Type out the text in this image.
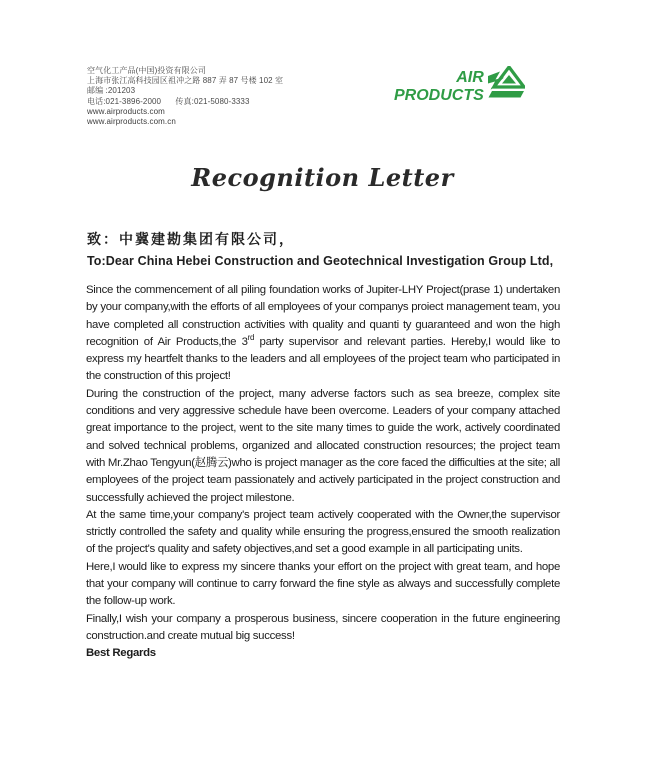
空气化工产品(中国)投资有限公司
上海市张江高科技园区祖冲之路 887 弄 87 号楼 102 室
邮编 :201203
电话:021-3896-2000 传真:021-5080-3333
www.airproducts.com
www.airproducts.com.cn
AIR
PRODUCTS
Recognition Letter
致：中冀建勘集团有限公司，
To:Dear China Hebei Construction and Geotechnical Investigation Group Ltd,

Since the commencement of all piling foundation works of Jupiter-LHY Project(prase 1) undertaken by your company,with the efforts of all employees of your companys proiect management team, you have completed all construction activities with quality and quanti ty guaranteed and won the high recognition of Air Products,the 3rd party supervisor and relevant parties. Hereby,I would like to express my heartfelt thanks to the leaders and all employees of the project team who participated in the construction of this project!

During the construction of the project, many adverse factors such as sea breeze, complex site conditions and very aggressive schedule have been overcome. Leaders of your company attached great importance to the project, went to the site many times to guide the work, actively coordinated and solved technical problems, organized and allocated construction resources; the project team with Mr.Zhao Tengyun(赵腾云)who is project manager as the core faced the difficulties at the site; all employees of the project team passionately and actively participated in the project construction and successfully achieved the project milestone.

At the same time,your company's project team actively cooperated with the Owner,the supervisor strictly controlled the safety and quality while ensuring the progress,ensured the smooth realization of the project's quality and safety objectives,and set a good example in all participating units.

Here,I would like to express my sincere thanks your effort on the project with great team, and hope that your company will continue to carry forward the fine style as always and successfully complete the follow-up work.

Finally,I wish your company a prosperous business, sincere cooperation in the future engineering construction.and create mutual big success!

Best Regards
